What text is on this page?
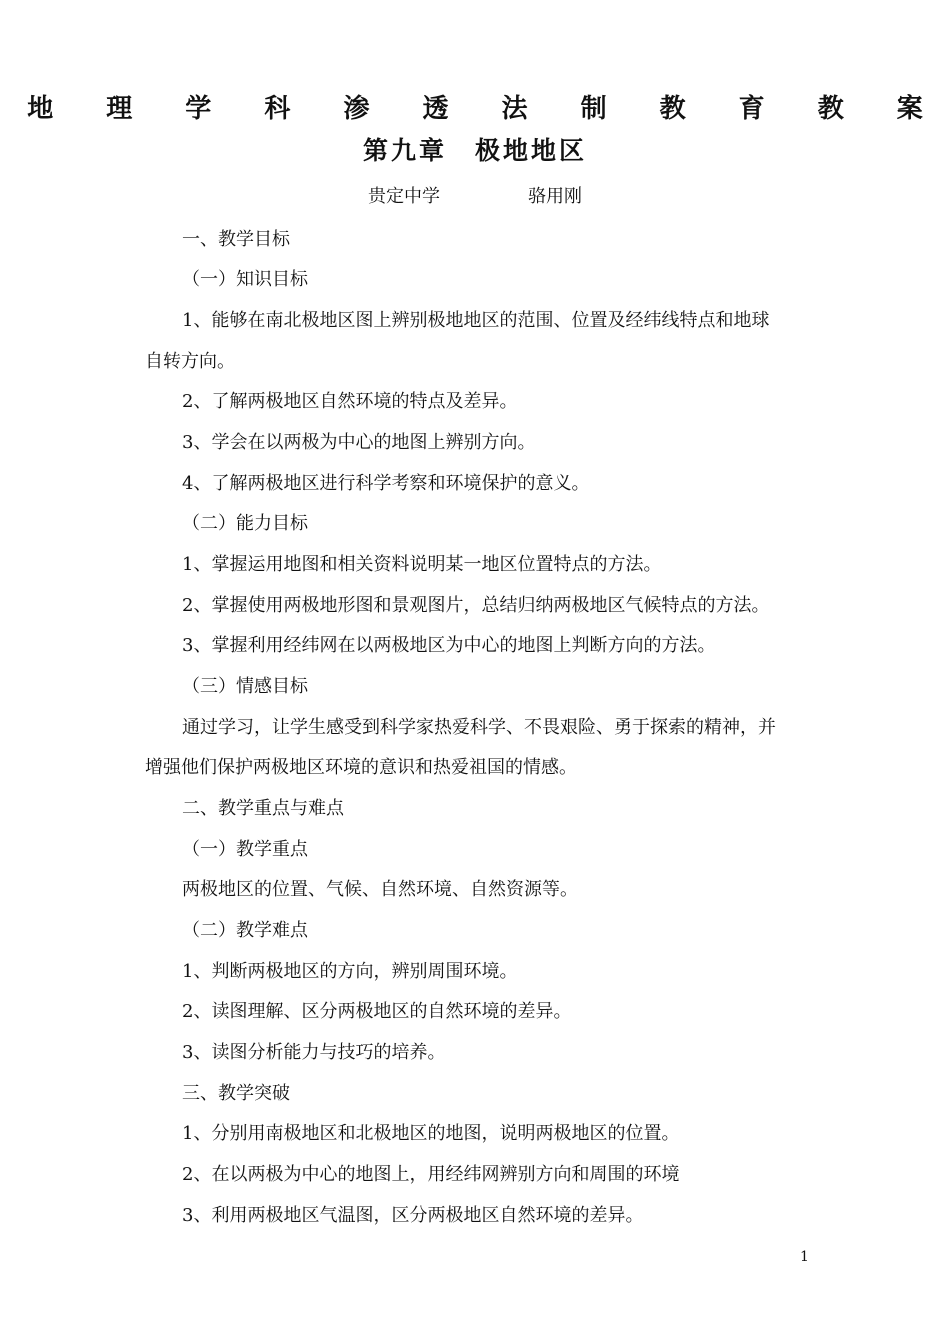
地 理 学 科 渗 透 法 制 教 育 教 案
第九章　极地地区
贵定中学	骆用刚
一、教学目标
（一）知识目标
1、能够在南北极地区图上辨别极地地区的范围、位置及经纬线特点和地球
自转方向。
2、了解两极地区自然环境的特点及差异。
3、学会在以两极为中心的地图上辨别方向。
4、了解两极地区进行科学考察和环境保护的意义。
（二）能力目标
1、掌握运用地图和相关资料说明某一地区位置特点的方法。
2、掌握使用两极地形图和景观图片，总结归纳两极地区气候特点的方法。
3、掌握利用经纬网在以两极地区为中心的地图上判断方向的方法。
（三）情感目标
通过学习，让学生感受到科学家热爱科学、不畏艰险、勇于探索的精神，并
增强他们保护两极地区环境的意识和热爱祖国的情感。
二、教学重点与难点
（一）教学重点
两极地区的位置、气候、自然环境、自然资源等。
（二）教学难点
1、判断两极地区的方向，辨别周围环境。
2、读图理解、区分两极地区的自然环境的差异。
3、读图分析能力与技巧的培养。
三、教学突破
1、分别用南极地区和北极地区的地图，说明两极地区的位置。
2、在以两极为中心的地图上，用经纬网辨别方向和周围的环境
3、利用两极地区气温图，区分两极地区自然环境的差异。
1
